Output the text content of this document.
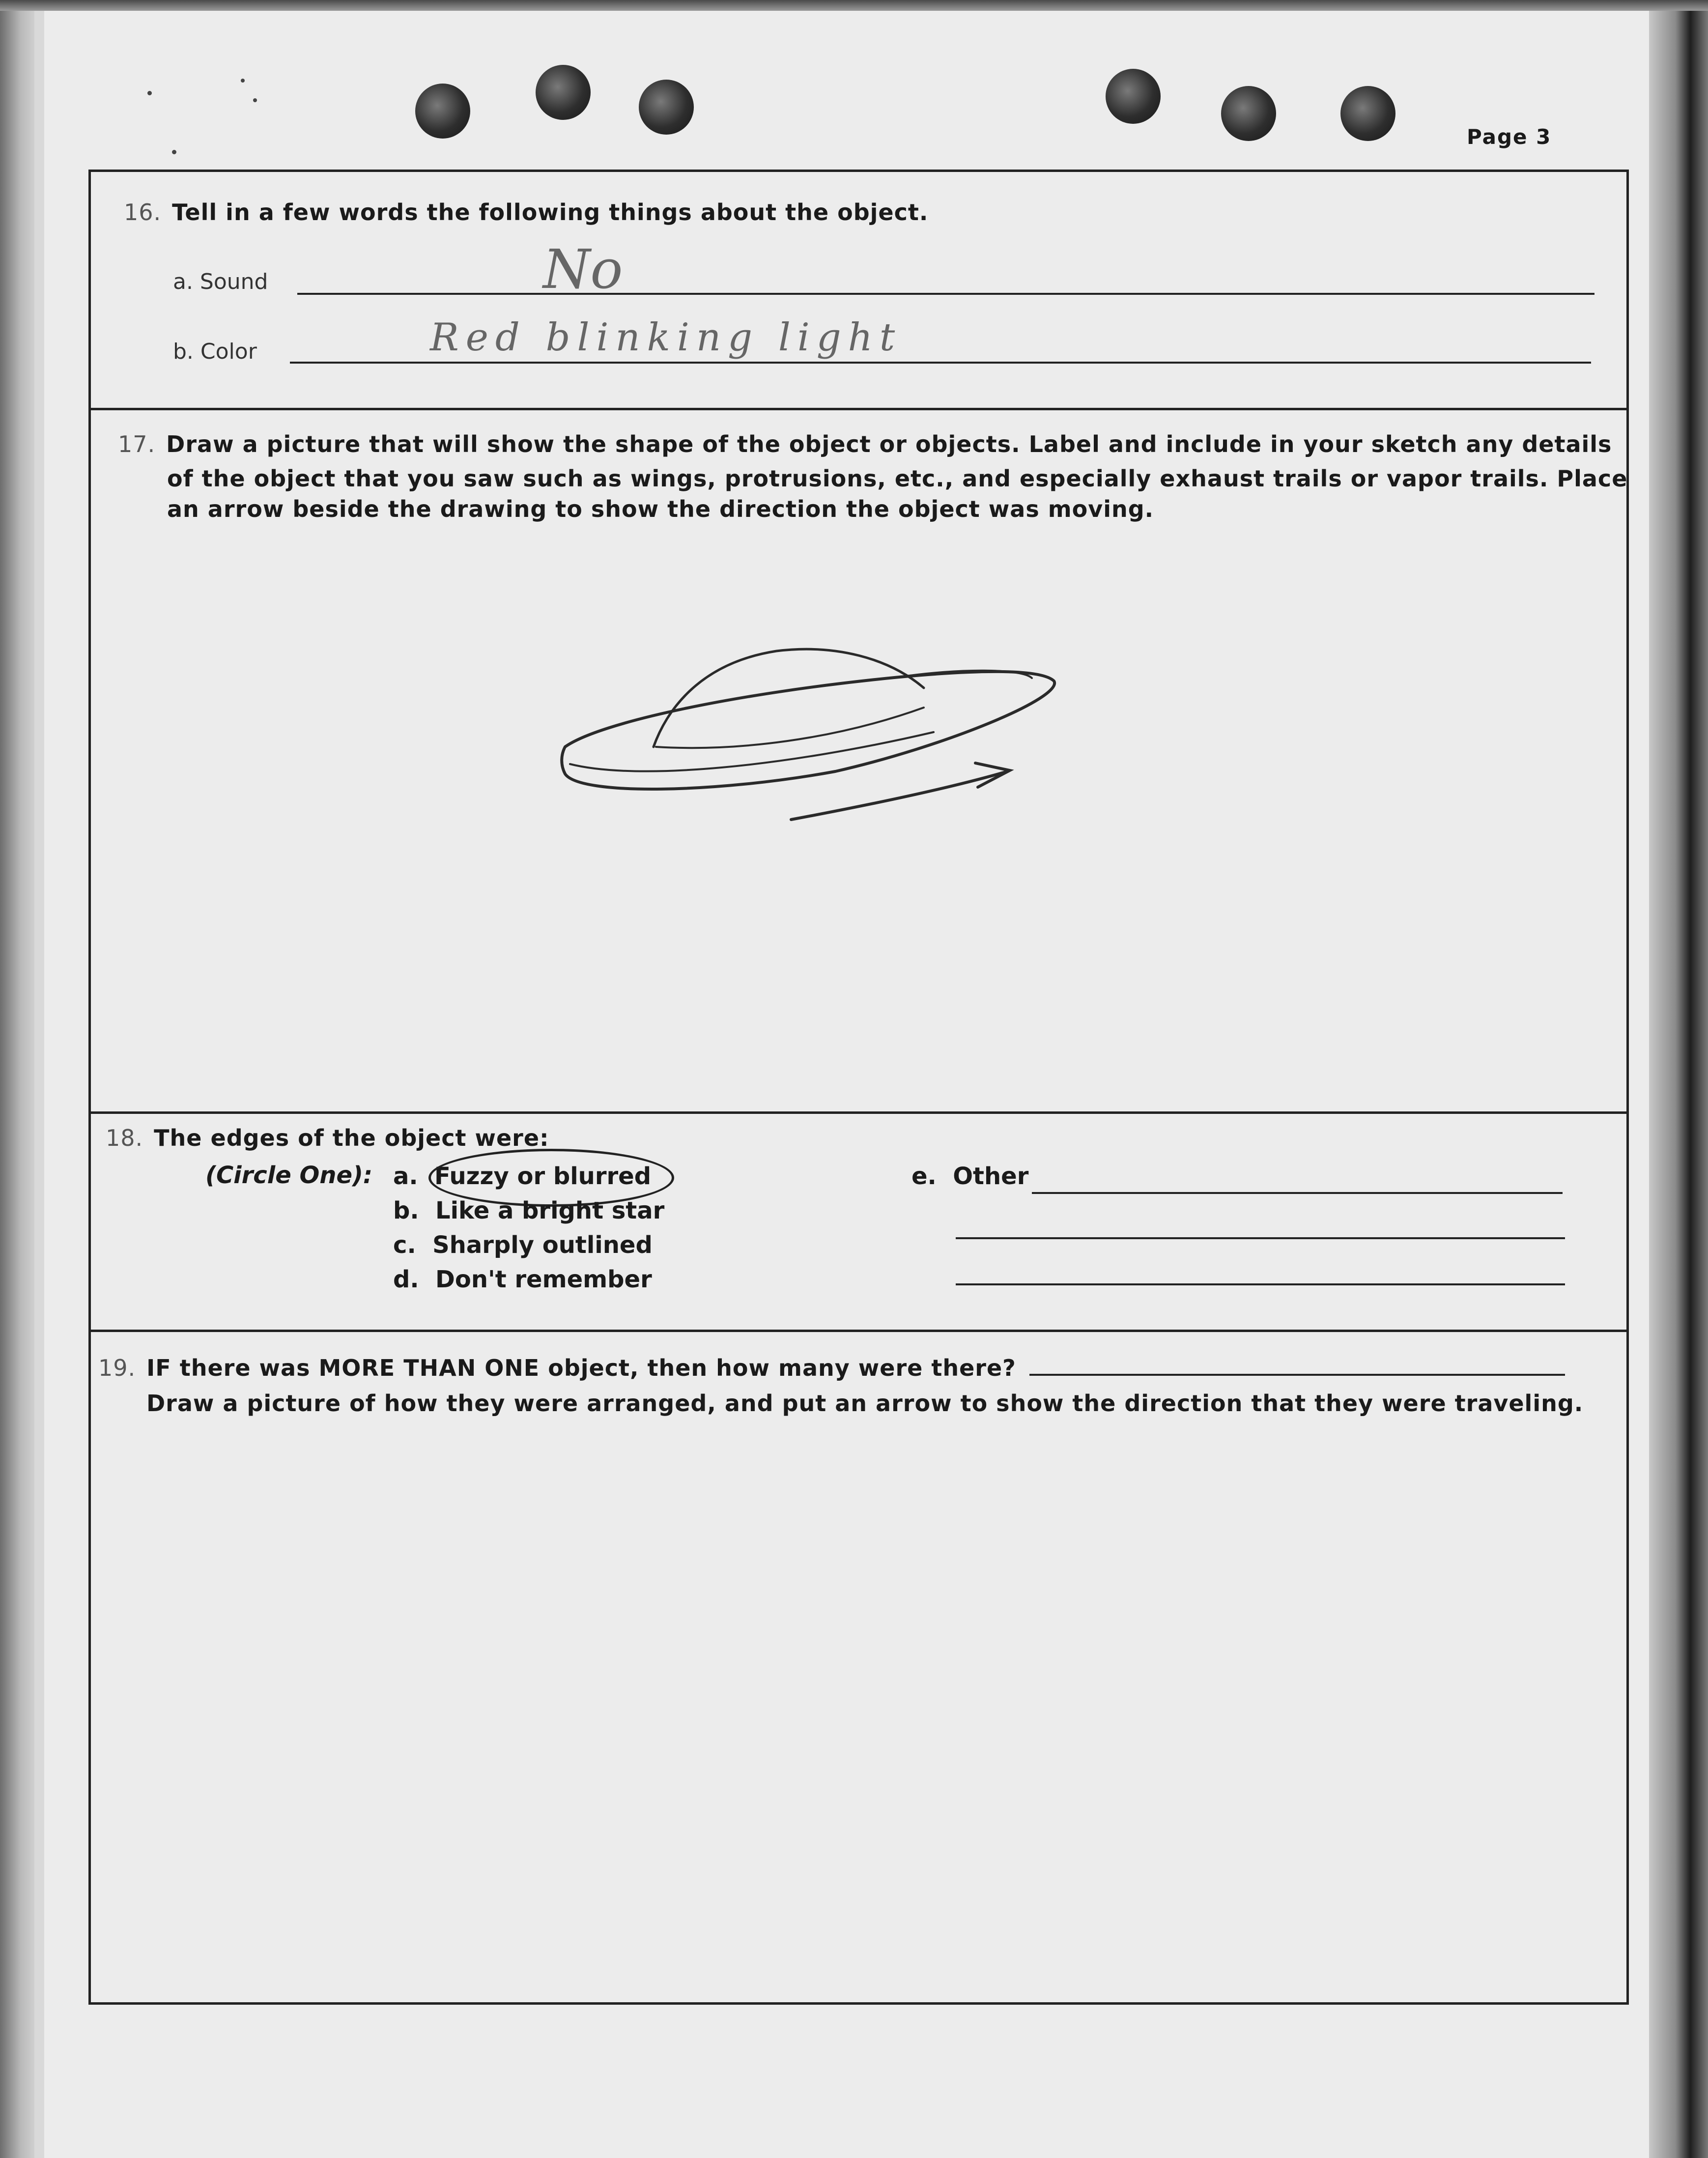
Page 3
16. Tell in a few words the following things about the object.
a. Sound	No
b. Color	Red blinking light
17. Draw a picture that will show the shape of the object or objects. Label and include in your sketch any details
of the object that you saw such as wings, protrusions, etc., and especially exhaust trails or vapor trails. Place
an arrow beside the drawing to show the direction the object was moving.
18. The edges of the object were:
(Circle One): a. Fuzzy or blurred
b. Like a bright star
c. Sharply outlined
d. Don't remember
e. Other
19. IF there was MORE THAN ONE object, then how many were there?
Draw a picture of how they were arranged, and put an arrow to show the direction that they were traveling.
